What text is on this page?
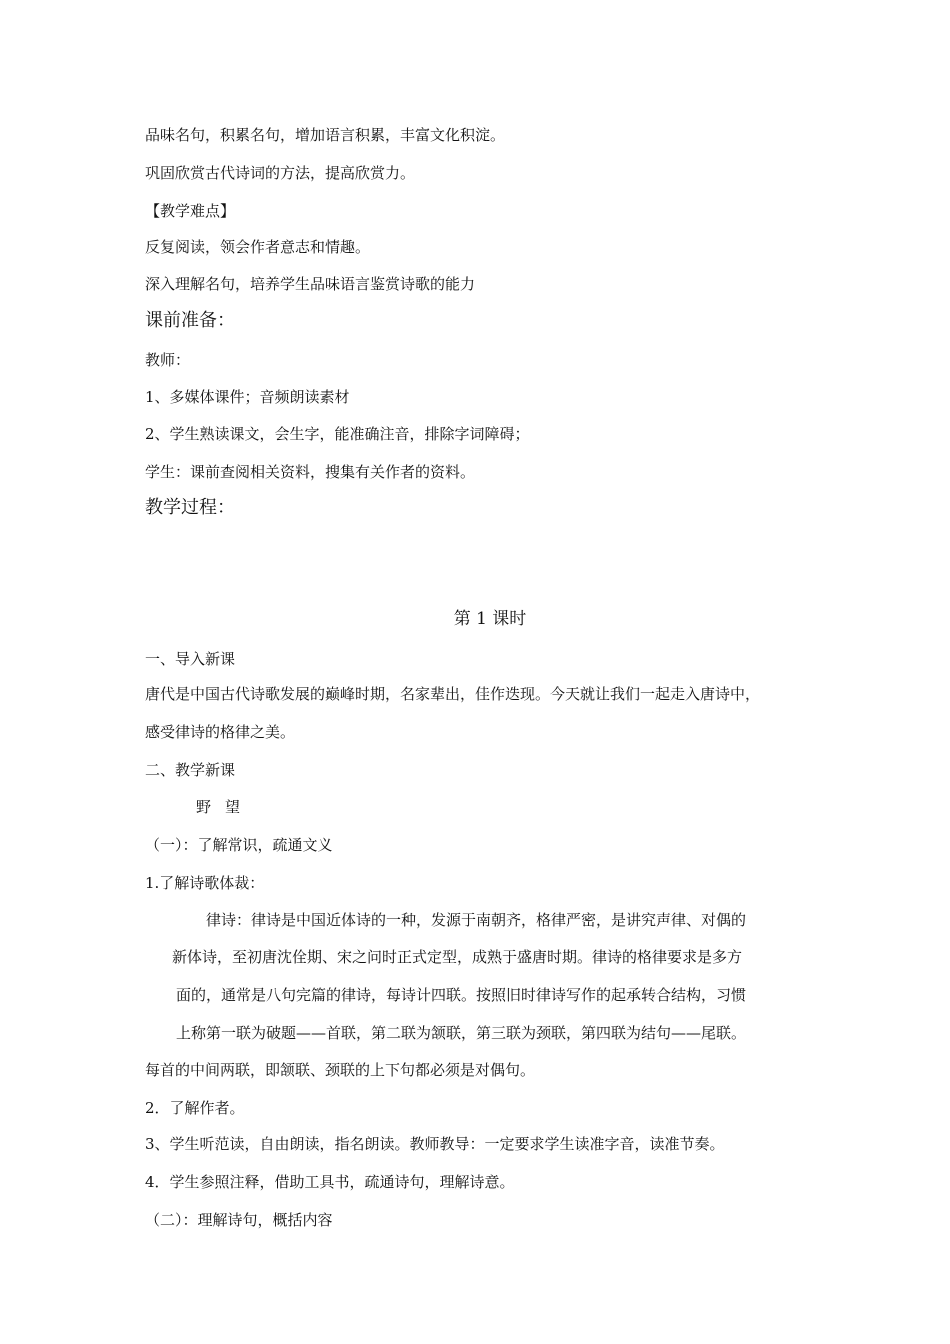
品味名句，积累名句，增加语言积累，丰富文化积淀。
巩固欣赏古代诗词的方法，提高欣赏力。
【教学难点】
反复阅读，领会作者意志和情趣。
深入理解名句，培养学生品味语言鉴赏诗歌的能力
课前准备：
教师：
1、多媒体课件；音频朗读素材
2、学生熟读课文，会生字，能准确注音，排除字词障碍；
学生：课前查阅相关资料，搜集有关作者的资料。
教学过程：
第 1 课时
一、导入新课
唐代是中国古代诗歌发展的巅峰时期，名家辈出，佳作迭现。今天就让我们一起走入唐诗中，
感受律诗的格律之美。
二、教学新课
野望
（一）：了解常识，疏通文义
1.了解诗歌体裁：
律诗：律诗是中国近体诗的一种，发源于南朝齐，格律严密，是讲究声律、对偶的
新体诗，至初唐沈佺期、宋之问时正式定型，成熟于盛唐时期。律诗的格律要求是多方
面的，通常是八句完篇的律诗，每诗计四联。按照旧时律诗写作的起承转合结构，习惯
上称第一联为破题——首联，第二联为颔联，第三联为颈联，第四联为结句——尾联。
每首的中间两联，即颔联、颈联的上下句都必须是对偶句。
2．了解作者。
3、学生听范读，自由朗读，指名朗读。教师教导：一定要求学生读准字音，读准节奏。
4．学生参照注释，借助工具书，疏通诗句，理解诗意。
（二）：理解诗句，概括内容
